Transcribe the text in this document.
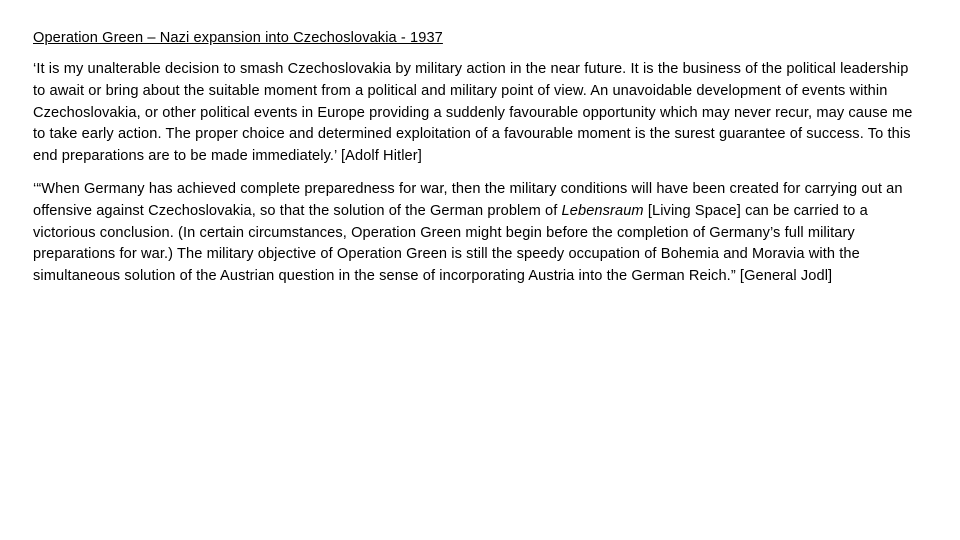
Operation Green – Nazi expansion into Czechoslovakia - 1937

‘It is my unalterable decision to smash Czechoslovakia by military action in the near future. It is the business of the political leadership to await or bring about the suitable moment from a political and military point of view. An unavoidable development of events within Czechoslovakia, or other political events in Europe providing a suddenly favourable opportunity which may never recur, may cause me to take early action. The proper choice and determined exploitation of a favourable moment is the surest guarantee of success. To this end preparations are to be made immediately.’ [Adolf Hitler]

‘“When Germany has achieved complete preparedness for war, then the military conditions will have been created for carrying out an offensive against Czechoslovakia, so that the solution of the German problem of Lebensraum [Living Space] can be carried to a victorious conclusion. (In certain circumstances, Operation Green might begin before the completion of Germany’s full military preparations for war.) The military objective of Operation Green is still the speedy occupation of Bohemia and Moravia with the simultaneous solution of the Austrian question in the sense of incorporating Austria into the German Reich.” [General Jodl]
